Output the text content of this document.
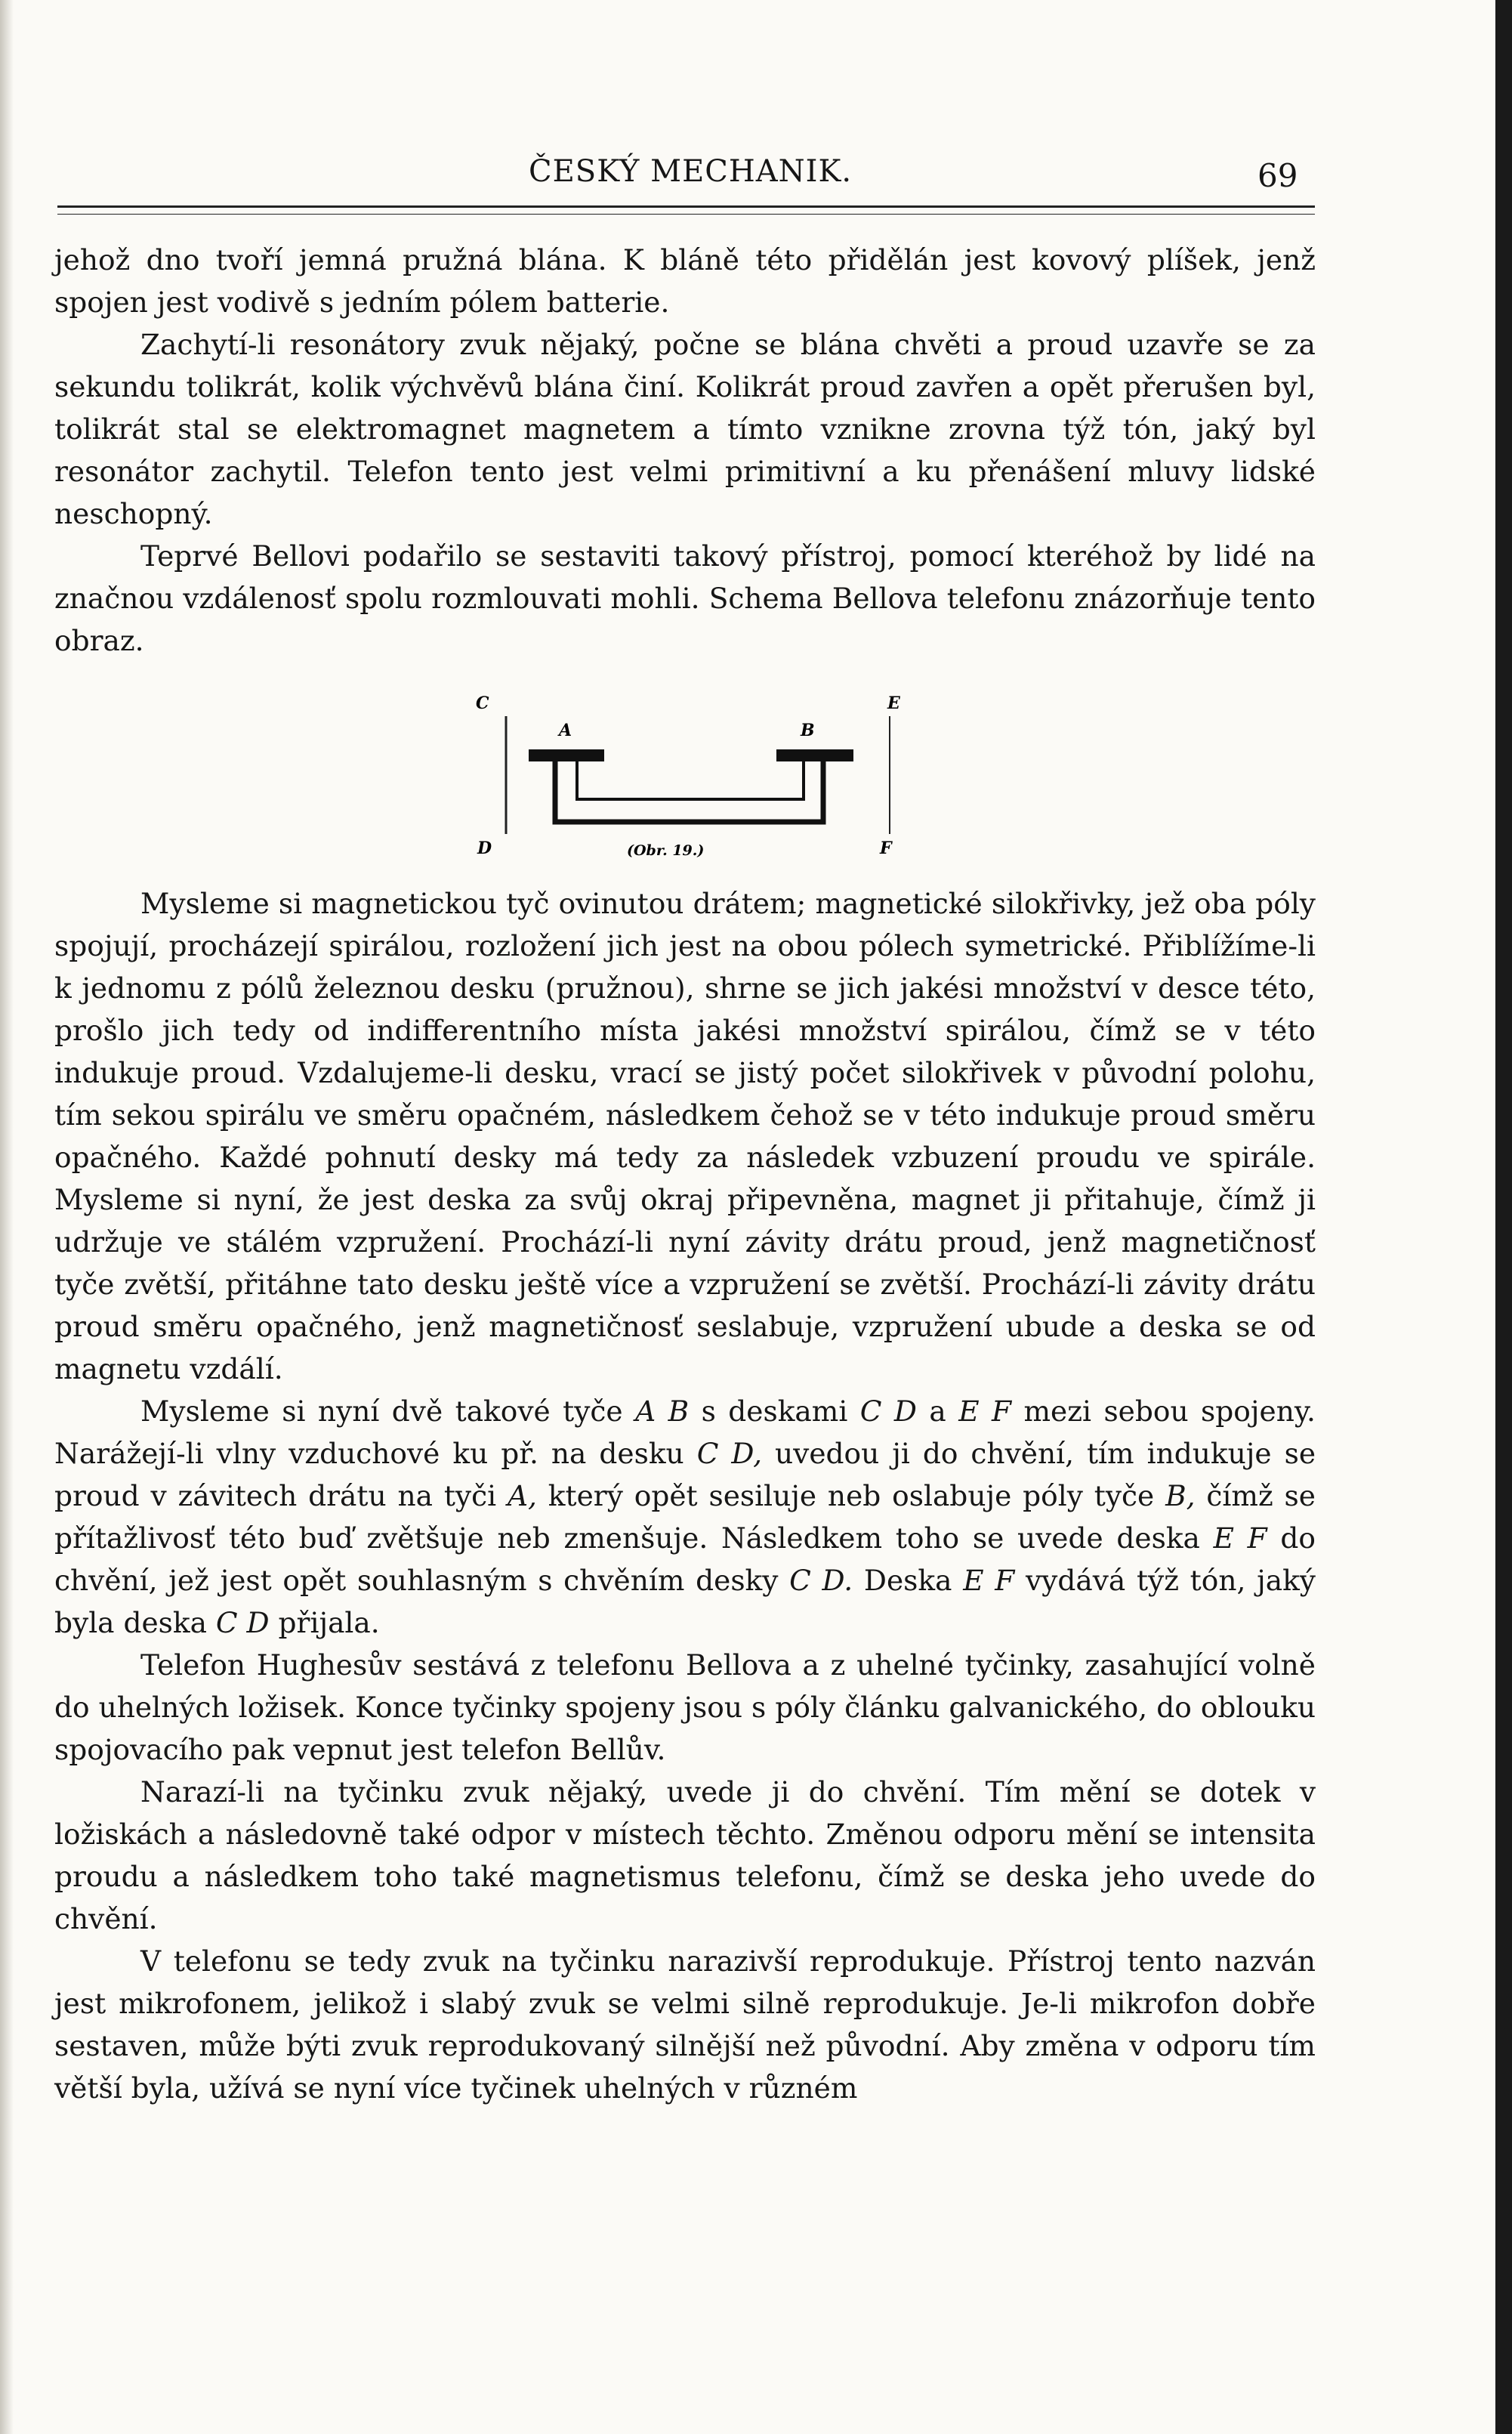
ČESKÝ MECHANIK.	69

jehož dno tvoří jemná pružná blána. K bláně této přidělán jest kovový plíšek, jenž spojen jest vodivě s jedním pólem batterie.

Zachytí-li resonátory zvuk nějaký, počne se blána chvěti a proud uzavře se za sekundu tolikrát, kolik výchvěvů blána činí. Kolikrát proud zavřen a opět přerušen byl, tolikrát stal se elektromagnet magnetem a tímto vznikne zrovna týž tón, jaký byl resonátor zachytil. Telefon tento jest velmi primitivní a ku přenášení mluvy lidské neschopný.

Teprvé Bellovi podařilo se sestaviti takový přístroj, pomocí kteréhož by lidé na značnou vzdálenosť spolu rozmlouvati mohli. Schema Bellova telefonu znázorňuje tento obraz.

C
D
E
F
A	B
(Obr. 19.)

Mysleme si magnetickou tyč ovinutou drátem; magnetické silokřivky, jež oba póly spojují, procházejí spirálou, rozložení jich jest na obou pólech symetrické. Přiblížíme-li k jednomu z pólů železnou desku (pružnou), shrne se jich jakési množství v desce této, prošlo jich tedy od indifferentního místa jakési množství spirálou, čímž se v této indukuje proud. Vzdalujeme-li desku, vrací se jistý počet silokřivek v původní polohu, tím sekou spirálu ve směru opačném, následkem čehož se v této indukuje proud směru opačného. Každé pohnutí desky má tedy za následek vzbuzení proudu ve spirále. Mysleme si nyní, že jest deska za svůj okraj připevněna, magnet ji přitahuje, čímž ji udržuje ve stálém vzpružení. Prochází-li nyní závity drátu proud, jenž magnetičnosť tyče zvětší, přitáhne tato desku ještě více a vzpružení se zvětší. Prochází-li závity drátu proud směru opačného, jenž magnetičnosť seslabuje, vzpružení ubude a deska se od magnetu vzdálí.

Mysleme si nyní dvě takové tyče A B s deskami C D a E F mezi sebou spojeny. Narážejí-li vlny vzduchové ku př. na desku C D, uvedou ji do chvění, tím indukuje se proud v závitech drátu na tyči A, který opět sesiluje neb oslabuje póly tyče B, čímž se přítažlivosť této buď zvětšuje neb zmenšuje. Následkem toho se uvede deska E F do chvění, jež jest opět souhlasným s chvěním desky C D. Deska E F vydává týž tón, jaký byla deska C D přijala.

Telefon Hughesův sestává z telefonu Bellova a z uhelné tyčinky, zasahující volně do uhelných ložisek. Konce tyčinky spojeny jsou s póly článku galvanického, do oblouku spojovacího pak vepnut jest telefon Bellův.

Narazí-li na tyčinku zvuk nějaký, uvede ji do chvění. Tím mění se dotek v ložiskách a následovně také odpor v místech těchto. Změnou odporu mění se intensita proudu a následkem toho také magnetismus telefonu, čímž se deska jeho uvede do chvění.

V telefonu se tedy zvuk na tyčinku narazivší reprodukuje. Přístroj tento nazván jest mikrofonem, jelikož i slabý zvuk se velmi silně reprodukuje. Je-li mikrofon dobře sestaven, může býti zvuk reprodukovaný silnější než původní. Aby změna v odporu tím větší byla, užívá se nyní více tyčinek uhelných v různém
